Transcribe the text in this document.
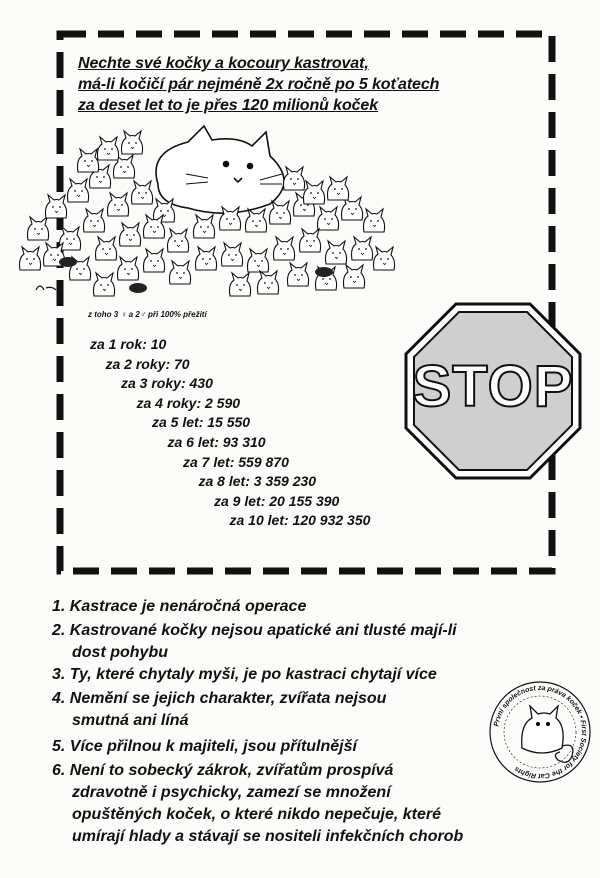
Nechte své kočky a kocoury kastrovat,
má-li kočičí pár nejméně 2x ročně po 5 koťatech
za deset let to je přes 120 milionů koček
z toho 3 ♀ a 2♂ při 100% přežití
za 1 rok: 10
za 2 roky: 70
za 3 roky: 430
za 4 roky: 2 590
za 5 let: 15 550
za 6 let: 93 310
za 7 let: 559 870
za 8 let: 3 359 230
za 9 let: 20 155 390
za 10 let: 120 932 350
STOP
1. Kastrace je nenáročná operace
2. Kastrované kočky nejsou apatické ani tlusté mají-li
dost pohybu
3. Ty, které chytaly myši, je po kastraci chytají více
4. Nemění se jejich charakter, zvířata nejsou
smutná ani líná
5. Více přilnou k majiteli, jsou přítulnější
6. Není to sobecký zákrok, zvířatům prospívá
zdravotně i psychicky, zamezí se množení
opuštěných koček, o které nikdo nepečuje, které
umírají hlady a stávají se nositeli infekčních chorob
První společnost za práva koček • First Society for the Cat Rights
